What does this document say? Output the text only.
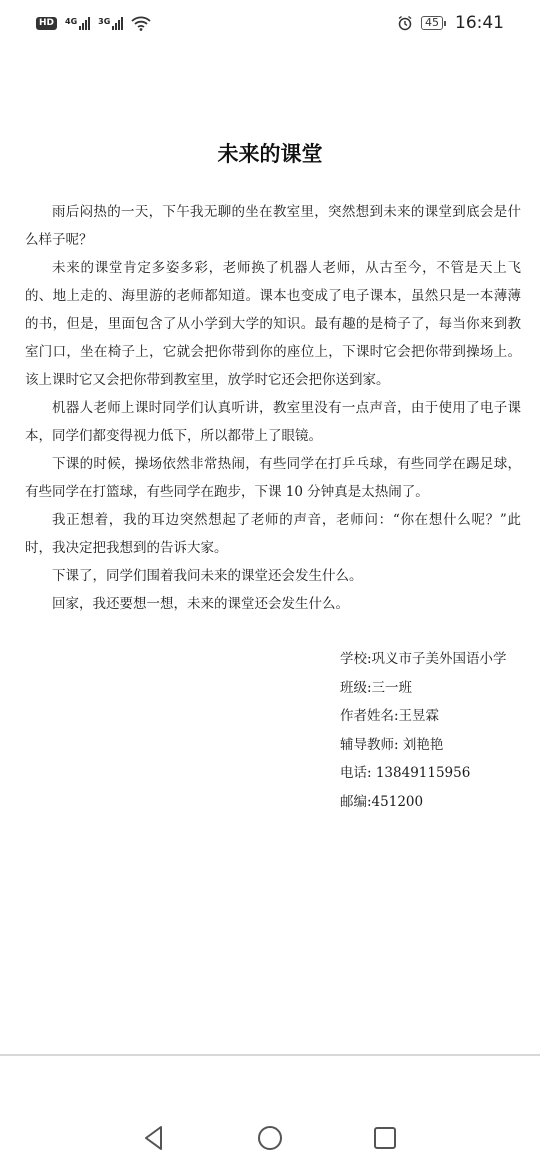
HD	4G	3G	45 16:41
未来的课堂

雨后闷热的一天，下午我无聊的坐在教室里，突然想到未来的课堂到底会是什么样子呢？

未来的课堂肯定多姿多彩，老师换了机器人老师，从古至今，不管是天上飞的、地上走的、海里游的老师都知道。课本也变成了电子课本，虽然只是一本薄薄的书，但是，里面包含了从小学到大学的知识。最有趣的是椅子了，每当你来到教室门口，坐在椅子上，它就会把你带到你的座位上，下课时它会把你带到操场上。该上课时它又会把你带到教室里，放学时它还会把你送到家。

机器人老师上课时同学们认真听讲，教室里没有一点声音，由于使用了电子课本，同学们都变得视力低下，所以都带上了眼镜。

下课的时候，操场依然非常热闹，有些同学在打乒乓球，有些同学在踢足球，有些同学在打篮球，有些同学在跑步，下课 10 分钟真是太热闹了。

我正想着，我的耳边突然想起了老师的声音，老师问：“你在想什么呢？”此时，我决定把我想到的告诉大家。

下课了，同学们围着我问未来的课堂还会发生什么。

回家，我还要想一想，未来的课堂还会发生什么。

学校:巩义市子美外国语小学
班级:三一班
作者姓名:王昱霖
辅导教师: 刘艳艳
电话: 13849115956
邮编:451200
